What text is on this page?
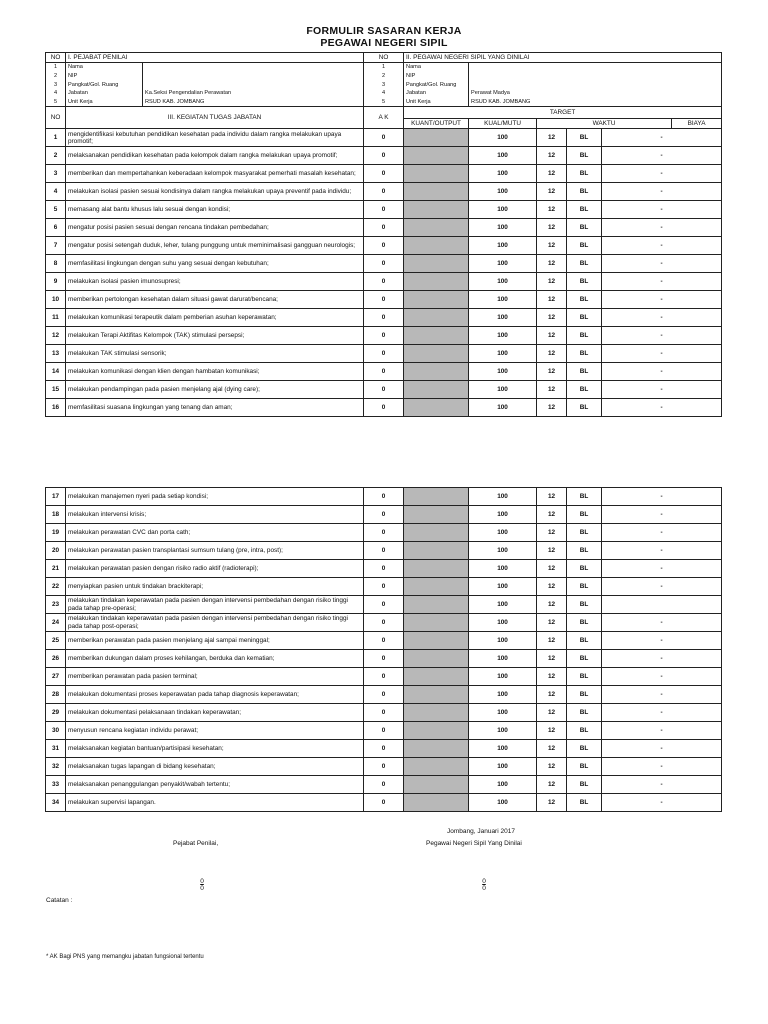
FORMULIR SASARAN KERJA
PEGAWAI NEGERI SIPIL
NO	I. PEJABAT PENILAI		NO	II. PEGAWAI NEGERI SIPIL YANG DINILAI					
1	Nama		1	Nama					
2	NIP		2	NIP					
3	Pangkat/Gol. Ruang		3	Pangkat/Gol. Ruang					
4	Jabatan	Ka.Seksi Pengendalian Perawatan	4	Jabatan	Perawat Madya				
5	Unit Kerja	RSUD KAB. JOMBANG	5	Unit Kerja	RSUD KAB. JOMBANG				
NO	III. KEGIATAN TUGAS JABATAN		A K	TARGET					
				KUANT/OUTPUT	KUAL/MUTU	WAKTU			BIAYA
1	mengidentifikasi kebutuhan pendidikan kesehatan pada individu dalam rangka melakukan upaya promotif;		0		100	12	BL	-	
2	melaksanakan pendidikan kesehatan pada kelompok dalam rangka melakukan upaya promotif;		0		100	12	BL	-	
3	memberikan dan mempertahankan keberadaan kelompok masyarakat pemerhati masalah kesehatan;		0		100	12	BL	-	
4	melakukan isolasi pasien sesuai kondisinya dalam rangka melakukan upaya preventif pada individu;		0		100	12	BL	-	
5	memasang alat bantu khusus lalu sesuai dengan kondisi;		0		100	12	BL	-	
6	mengatur posisi pasien sesuai dengan rencana tindakan pembedahan;		0		100	12	BL	-	
7	mengatur posisi setengah duduk, leher, tulang punggung untuk meminimalisasi gangguan neurologis;		0		100	12	BL	-	
8	memfasilitasi lingkungan dengan suhu yang sesuai dengan kebutuhan;		0		100	12	BL	-	
9	melakukan isolasi pasien imunosupresi;		0		100	12	BL	-	
10	memberikan pertolongan kesehatan dalam situasi gawat darurat/bencana;		0		100	12	BL	-	
11	melakukan komunikasi terapeutik dalam pemberian asuhan keperawatan;		0		100	12	BL	-	
12	melakukan Terapi Aktifitas Kelompok (TAK) stimulasi persepsi;		0		100	12	BL	-	
13	melakukan TAK stimulasi sensorik;		0		100	12	BL	-	
14	melakukan komunikasi dengan klien dengan hambatan komunikasi;		0		100	12	BL	-	
15	melakukan pendampingan pada pasien menjelang ajal (dying care);		0		100	12	BL	-	
16	memfasilitasi suasana lingkungan yang tenang dan aman;		0		100	12	BL	-	
17	melakukan manajemen nyeri pada setiap kondisi;	0		100	12	BL	-
18	melakukan intervensi krisis;	0		100	12	BL	-
19	melakukan perawatan CVC dan porta cath;	0		100	12	BL	-
20	melakukan perawatan pasien transplantasi sumsum tulang (pre, intra, post);	0		100	12	BL	-
21	melakukan perawatan pasien dengan risiko radio aktif (radioterapi);	0		100	12	BL	-
22	menyiapkan pasien untuk tindakan brackiterapi;	0		100	12	BL	-
23	melakukan tindakan keperawatan pada pasien dengan intervensi pembedahan dengan risiko tinggi pada tahap pre-operasi;	0		100	12	BL	
24	melakukan tindakan keperawatan pada pasien dengan intervensi pembedahan dengan risiko tinggi pada tahap post-operasi;	0		100	12	BL	-
25	memberikan perawatan pada pasien menjelang ajal sampai meninggal;	0		100	12	BL	-
26	memberikan dukungan dalam proses kehilangan, berduka dan kematian;	0		100	12	BL	-
27	memberikan perawatan pada pasien terminal;	0		100	12	BL	-
28	melakukan dokumentasi proses keperawatan pada tahap diagnosis keperawatan;	0		100	12	BL	-
29	melakukan dokumentasi pelaksanaan tindakan keperawatan;	0		100	12	BL	-
30	menyusun rencana kegiatan individu perawat;	0		100	12	BL	-
31	melaksanakan kegiatan bantuan/partisipasi kesehatan;	0		100	12	BL	-
32	melaksanakan tugas lapangan di bidang kesehatan;	0		100	12	BL	-
33	melaksanakan penanggulangan penyakit/wabah tertentu;	0		100	12	BL	-
34	melakukan supervisi lapangan.	0		100	12	BL	-
Jombang, Januari 2017
Pejabat Penilai,	Pegawai Negeri Sipil Yang Dinilai
0
0
0
0
Catatan :
* AK Bagi PNS yang memangku jabatan fungsional tertentu
